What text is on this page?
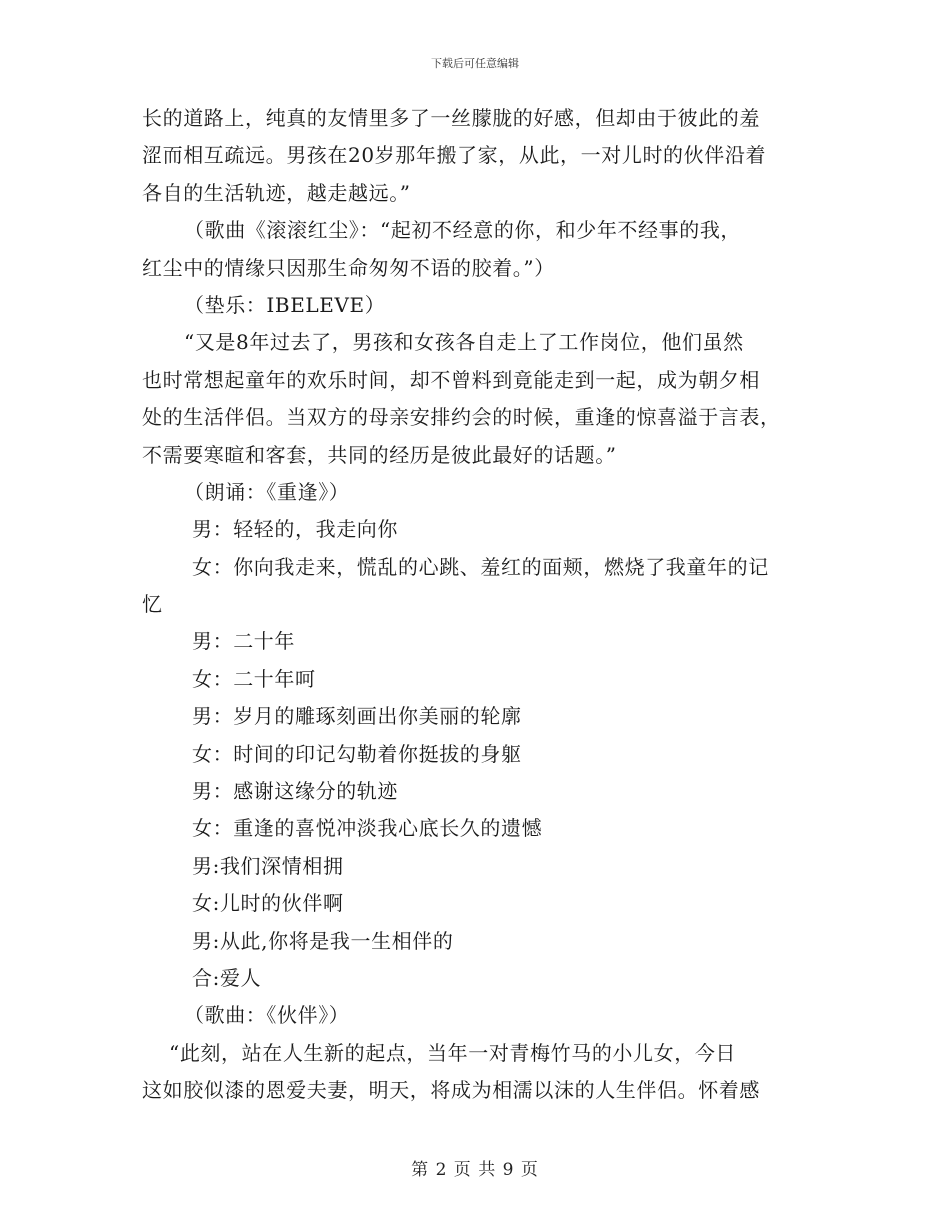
下载后可任意编辑
长的道路上，纯真的友情里多了一丝朦胧的好感，但却由于彼此的羞
涩而相互疏远。男孩在20岁那年搬了家，从此，一对儿时的伙伴沿着
各自的生活轨迹，越走越远。”
（歌曲《滚滚红尘》：“起初不经意的你，和少年不经事的我，
红尘中的情缘只因那生命匆匆不语的胶着。”）
（垫乐：IBELEVE）
“又是8年过去了，男孩和女孩各自走上了工作岗位，他们虽然
也时常想起童年的欢乐时间，却不曾料到竟能走到一起，成为朝夕相
处的生活伴侣。当双方的母亲安排约会的时候，重逢的惊喜溢于言表，
不需要寒暄和客套，共同的经历是彼此最好的话题。”
（朗诵：《重逢》）
男：轻轻的，我走向你
女：你向我走来，慌乱的心跳、羞红的面颊，燃烧了我童年的记
忆
男：二十年
女：二十年呵
男：岁月的雕琢刻画出你美丽的轮廓
女：时间的印记勾勒着你挺拔的身躯
男：感谢这缘分的轨迹
女：重逢的喜悦冲淡我心底长久的遗憾
男:我们深情相拥
女:儿时的伙伴啊
男:从此,你将是我一生相伴的
合:爱人
（歌曲：《伙伴》）
“此刻，站在人生新的起点，当年一对青梅竹马的小儿女，今日
这如胶似漆的恩爱夫妻，明天，将成为相濡以沫的人生伴侣。怀着感
第 2 页 共 9 页
